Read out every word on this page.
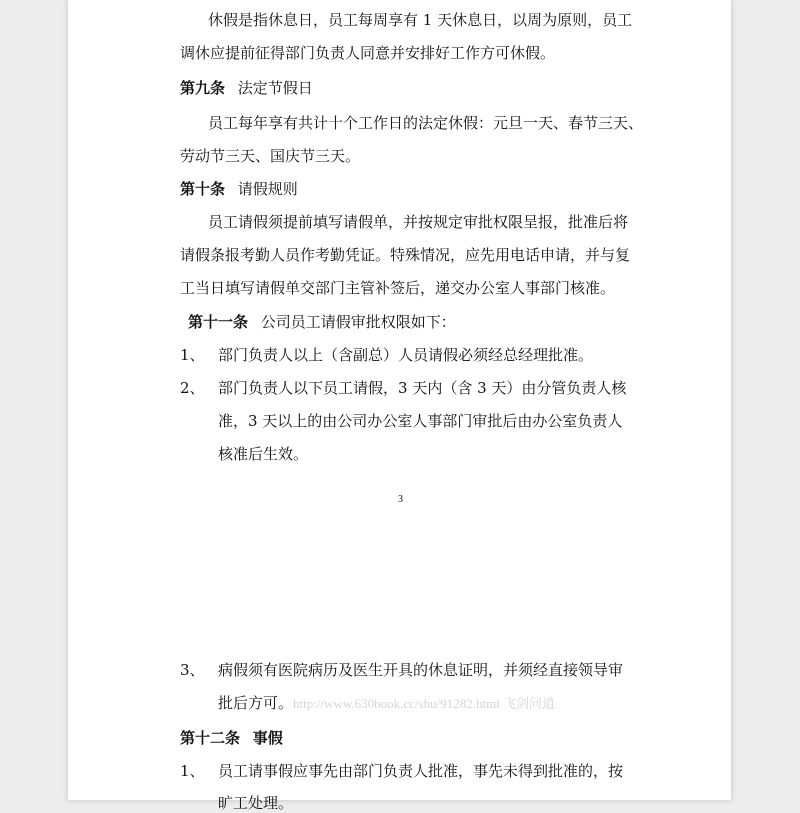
休假是指休息日，员工每周享有 1 天休息日，以周为原则，员工
调休应提前征得部门负责人同意并安排好工作方可休假。
第九条 法定节假日
员工每年享有共计十个工作日的法定休假：元旦一天、春节三天、
劳动节三天、国庆节三天。
第十条 请假规则
员工请假须提前填写请假单，并按规定审批权限呈报，批准后将
请假条报考勤人员作考勤凭证。特殊情况，应先用电话申请，并与复
工当日填写请假单交部门主管补签后，递交办公室人事部门核准。
第十一条 公司员工请假审批权限如下：
1、 部门负责人以上（含副总）人员请假必须经总经理批准。
2、 部门负责人以下员工请假，3 天内（含 3 天）由分管负责人核
准，3 天以上的由公司办公室人事部门审批后由办公室负责人
核准后生效。
3
3、 病假须有医院病历及医生开具的休息证明，并须经直接领导审
批后方可。http://www.630book.cc/shu/91282.html 飞剑问道
第十二条 事假
1、 员工请事假应事先由部门负责人批准，事先未得到批准的，按
旷工处理。
